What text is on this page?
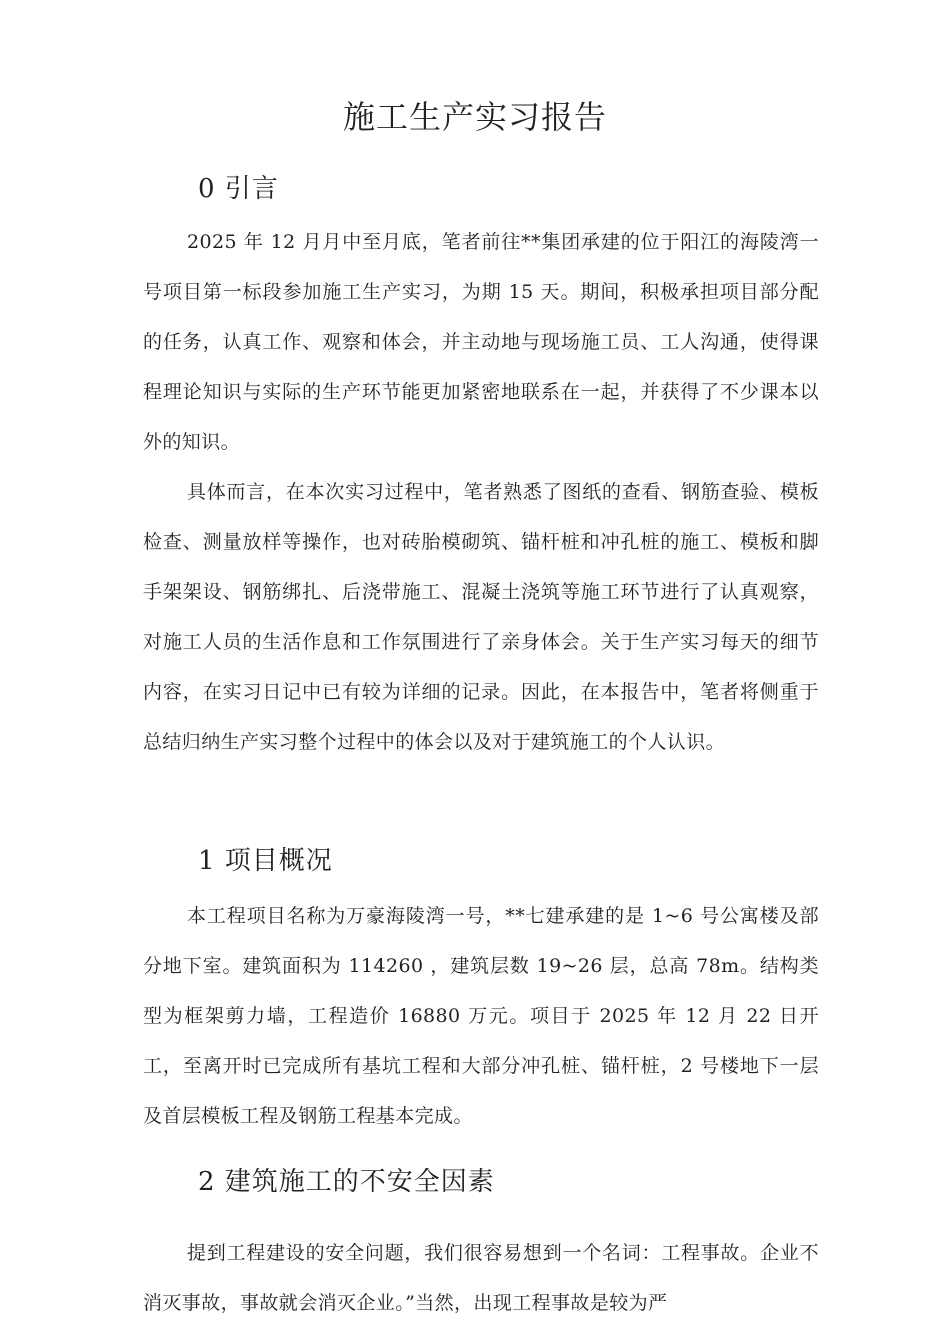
施工生产实习报告
0 引言
2025 年 12 月月中至月底，笔者前往**集团承建的位于阳江的海陵湾一号项目第一标段参加施工生产实习，为期 15 天。期间，积极承担项目部分配的任务，认真工作、观察和体会，并主动地与现场施工员、工人沟通，使得课程理论知识与实际的生产环节能更加紧密地联系在一起，并获得了不少课本以外的知识。
具体而言，在本次实习过程中，笔者熟悉了图纸的查看、钢筋查验、模板检查、测量放样等操作，也对砖胎模砌筑、锚杆桩和冲孔桩的施工、模板和脚手架架设、钢筋绑扎、后浇带施工、混凝土浇筑等施工环节进行了认真观察，对施工人员的生活作息和工作氛围进行了亲身体会。关于生产实习每天的细节内容，在实习日记中已有较为详细的记录。因此，在本报告中，笔者将侧重于总结归纳生产实习整个过程中的体会以及对于建筑施工的个人认识。
1 项目概况
本工程项目名称为万豪海陵湾一号，**七建承建的是 1~6 号公寓楼及部分地下室。建筑面积为 114260 ，建筑层数 19~26 层，总高 78m。结构类型为框架剪力墙，工程造价 16880 万元。项目于 2025 年 12 月 22 日开工，至离开时已完成所有基坑工程和大部分冲孔桩、锚杆桩，2 号楼地下一层及首层模板工程及钢筋工程基本完成。
2 建筑施工的不安全因素
提到工程建设的安全问题，我们很容易想到一个名词：工程事故。企业不消灭事故，事故就会消灭企业。”当然，出现工程事故是较为严
